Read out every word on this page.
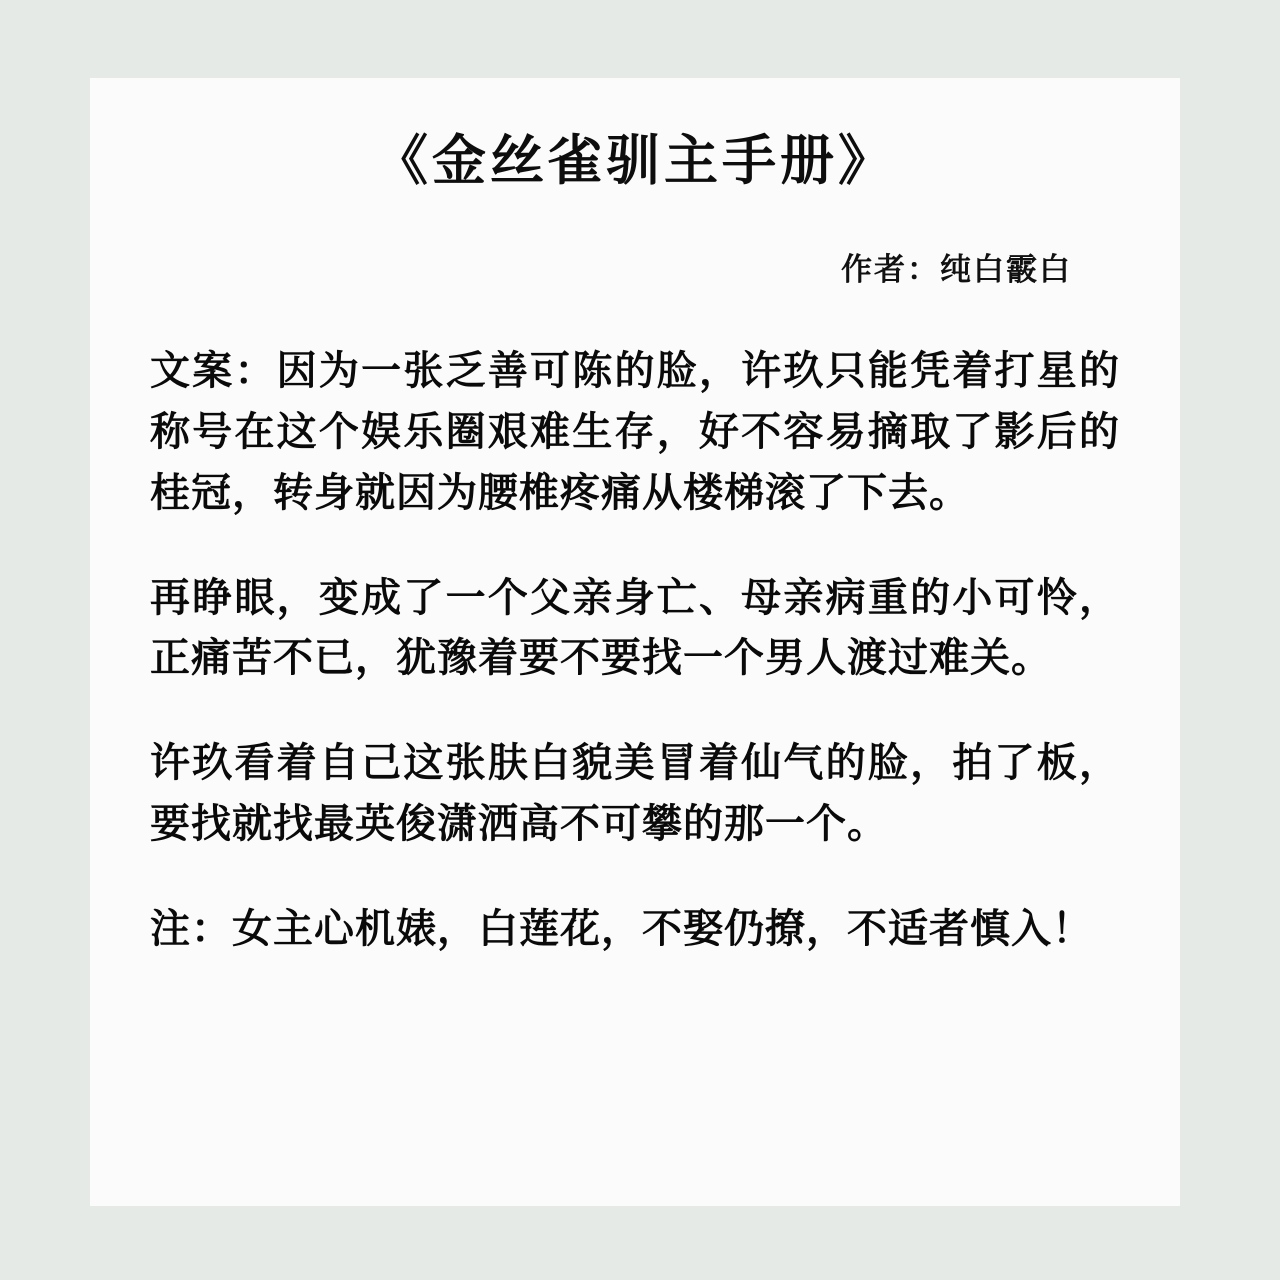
《金丝雀驯主手册》
作者：纯白霰白

文案：因为一张乏善可陈的脸，许玖只能凭着打星的称号在这个娱乐圈艰难生存，好不容易摘取了影后的桂冠，转身就因为腰椎疼痛从楼梯滚了下去。

再睁眼，变成了一个父亲身亡、母亲病重的小可怜，正痛苦不已，犹豫着要不要找一个男人渡过难关。

许玖看着自己这张肤白貌美冒着仙气的脸，拍了板，要找就找最英俊潇洒高不可攀的那一个。

注：女主心机婊，白莲花，不娶仍撩，不适者慎入！
